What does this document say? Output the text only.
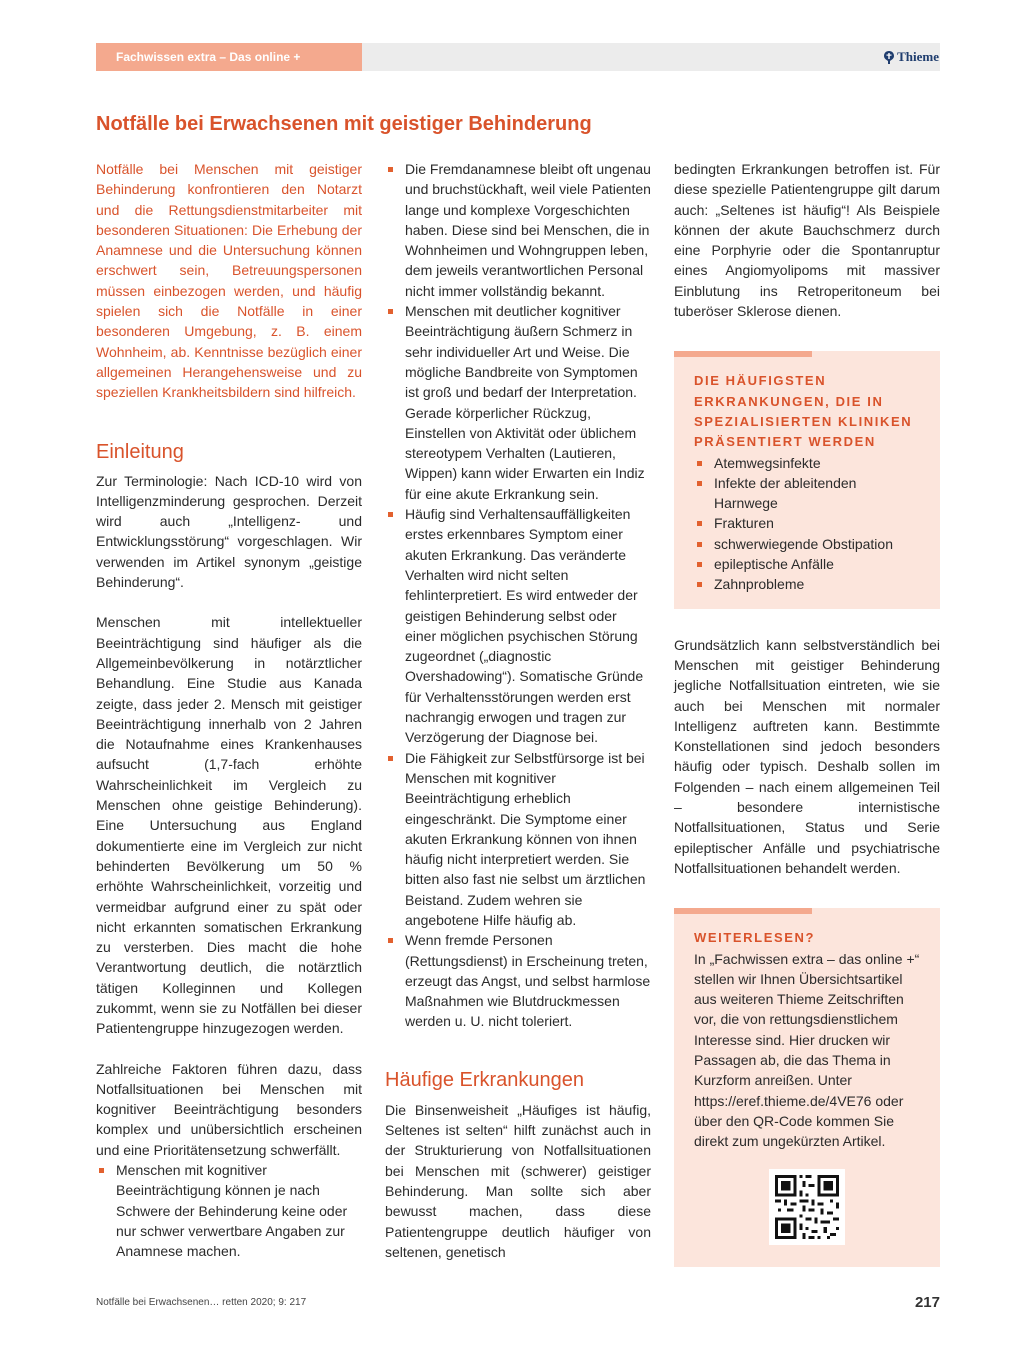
Fachwissen extra – Das online +	Thieme
Notfälle bei Erwachsenen mit geistiger Behinderung

Notfälle bei Menschen mit geistiger Behinderung konfrontieren den Notarzt und die Rettungsdienstmitarbeiter mit besonderen Situationen: Die Erhebung der Anamnese und die Untersuchung können erschwert sein, Betreuungspersonen müssen einbezogen werden, und häufig spielen sich die Notfälle in einer besonderen Umgebung, z. B. einem Wohnheim, ab. Kenntnisse bezüglich einer allgemeinen Herangehensweise und zu speziellen Krankheitsbildern sind hilfreich.

Einleitung

Zur Terminologie: Nach ICD-10 wird von Intelligenzminderung gesprochen. Derzeit wird auch „Intelligenz- und Entwicklungsstörung“ vorgeschlagen. Wir verwenden im Artikel synonym „geistige Behinderung“.

Menschen mit intellektueller Beeinträchtigung sind häufiger als die Allgemeinbevölkerung in notärztlicher Behandlung. Eine Studie aus Kanada zeigte, dass jeder 2. Mensch mit geistiger Beeinträchtigung innerhalb von 2 Jahren die Notaufnahme eines Krankenhauses aufsucht (1,7-fach erhöhte Wahrscheinlichkeit im Vergleich zu Menschen ohne geistige Behinderung). Eine Untersuchung aus England dokumentierte eine im Vergleich zur nicht behinderten Bevölkerung um 50 % erhöhte Wahrscheinlichkeit, vorzeitig und vermeidbar aufgrund einer zu spät oder nicht erkannten somatischen Erkrankung zu versterben. Dies macht die hohe Verantwortung deutlich, die notärztlich tätigen Kolleginnen und Kollegen zukommt, wenn sie zu Notfällen bei dieser Patientengruppe hinzugezogen werden.

Zahlreiche Faktoren führen dazu, dass Notfallsituationen bei Menschen mit kognitiver Beeinträchtigung besonders komplex und unübersichtlich erscheinen und eine Prioritätensetzung schwerfällt.

Menschen mit kognitiver Beeinträchtigung können je nach Schwere der Behinderung keine oder nur schwer verwertbare Angaben zur Anamnese machen.
Die Fremdanamnese bleibt oft ungenau und bruchstückhaft, weil viele Patienten lange und komplexe Vorgeschichten haben. Diese sind bei Menschen, die in Wohnheimen und Wohngruppen leben, dem jeweils verantwortlichen Personal nicht immer vollständig bekannt.
Menschen mit deutlicher kognitiver Beeinträchtigung äußern Schmerz in sehr individueller Art und Weise. Die mögliche Bandbreite von Symptomen ist groß und bedarf der Interpretation. Gerade körperlicher Rückzug, Einstellen von Aktivität oder üblichem stereotypem Verhalten (Lautieren, Wippen) kann wider Erwarten ein Indiz für eine akute Erkrankung sein.
Häufig sind Verhaltensauffälligkeiten erstes erkennbares Symptom einer akuten Erkrankung. Das veränderte Verhalten wird nicht selten fehlinterpretiert. Es wird entweder der geistigen Behinderung selbst oder einer möglichen psychischen Störung zugeordnet („diagnostic Overshadowing“). Somatische Gründe für Verhaltensstörungen werden erst nachrangig erwogen und tragen zur Verzögerung der Diagnose bei.
Die Fähigkeit zur Selbstfürsorge ist bei Menschen mit kognitiver Beeinträchtigung erheblich eingeschränkt. Die Symptome einer akuten Erkrankung können von ihnen häufig nicht interpretiert werden. Sie bitten also fast nie selbst um ärztlichen Beistand. Zudem wehren sie angebotene Hilfe häufig ab.
Wenn fremde Personen (Rettungsdienst) in Erscheinung treten, erzeugt das Angst, und selbst harmlose Maßnahmen wie Blutdruckmessen werden u. U. nicht toleriert.
Häufige Erkrankungen

Die Binsenweisheit „Häufiges ist häufig, Seltenes ist selten“ hilft zunächst auch in der Strukturierung von Notfallsituationen bei Menschen mit (schwerer) geistiger Behinderung. Man sollte sich aber bewusst machen, dass diese Patientengruppe deutlich häufiger von seltenen, genetisch

bedingten Erkrankungen betroffen ist. Für diese spezielle Patientengruppe gilt darum auch: „Seltenes ist häufig“! Als Beispiele können der akute Bauchschmerz durch eine Porphyrie oder die Spontanruptur eines Angiomyolipoms mit massiver Einblutung ins Retroperitoneum bei tuberöser Sklerose dienen.

DIE HÄUFIGSTEN ERKRANKUNGEN, DIE IN SPEZIALISIERTEN KLINIKEN PRÄSENTIERT WERDEN
Atemwegsinfekte
Infekte der ableitenden Harnwege
Frakturen
schwerwiegende Obstipation
epileptische Anfälle
Zahnprobleme

Grundsätzlich kann selbstverständlich bei Menschen mit geistiger Behinderung jegliche Notfallsituation eintreten, wie sie auch bei Menschen mit normaler Intelligenz auftreten kann. Bestimmte Konstellationen sind jedoch besonders häufig oder typisch. Deshalb sollen im Folgenden – nach einem allgemeinen Teil – besondere internistische Notfallsituationen, Status und Serie epileptischer Anfälle und psychiatrische Notfallsituationen behandelt werden.

WEITERLESEN?

In „Fachwissen extra – das online +“ stellen wir Ihnen Übersichtsartikel aus weiteren Thieme Zeitschriften vor, die von rettungsdienstlichem Interesse sind. Hier drucken wir Passagen ab, die das Thema in Kurzform anreißen. Unter https://eref.thieme.de/4VE76 oder über den QR-Code kommen Sie direkt zum ungekürzten Artikel.

Notfälle bei Erwachsenen… retten 2020; 9: 217	217
